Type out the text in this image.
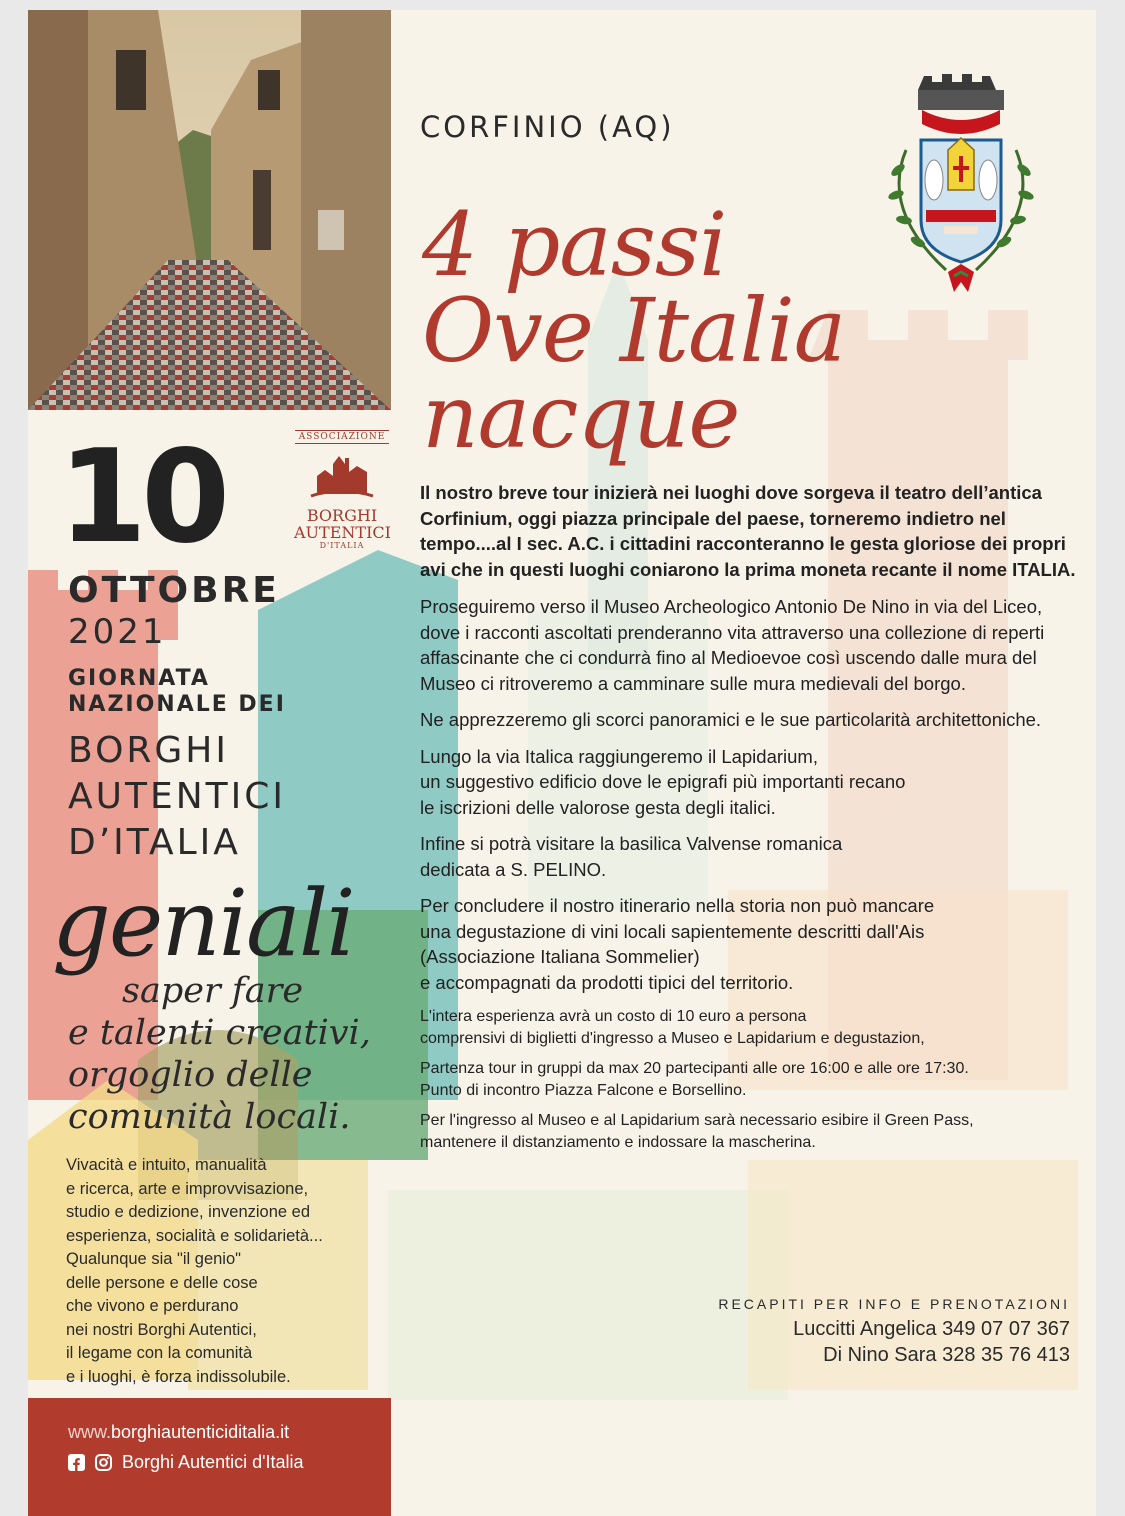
10	ASSOCIAZIONE
BORGHI
AUTENTICI
D'ITALIA
OTTOBRE
2021
GIORNATA
NAZIONALE DEI
BORGHI
AUTENTICI
D’ITALIA
geniali
saper fare
e talenti creativi,
orgoglio delle
comunità locali.
Vivacità e intuito, manualità
e ricerca, arte e improvvisazione,
studio e dedizione, invenzione ed
esperienza, socialità e solidarietà...
Qualunque sia "il genio"
delle persone e delle cose
che vivono e perdurano
nei nostri Borghi Autentici,
il legame con la comunità
e i luoghi, è forza indissolubile.
www.borghiautenticiditalia.it
Borghi Autentici d'Italia
CORFINIO (AQ)
4 passi
Ove Italia
nacque

Il nostro breve tour inizierà nei luoghi dove sorgeva il teatro dell’antica Corfinium, oggi piazza principale del paese, torneremo indietro nel tempo....al I sec. A.C. i cittadini racconteranno le gesta gloriose dei propri avi che in questi luoghi coniarono la prima moneta recante il nome ITALIA.

Proseguiremo verso il Museo Archeologico Antonio De Nino in via del Liceo, dove i racconti ascoltati prenderanno vita attraverso una collezione di reperti affascinante che ci condurrà fino al Medioevoe così uscendo dalle mura del Museo ci ritroveremo a camminare sulle mura medievali del borgo.

Ne apprezzeremo gli scorci panoramici e le sue particolarità architettoniche.

Lungo la via Italica raggiungeremo il Lapidarium,
un suggestivo edificio dove le epigrafi più importanti recano
le iscrizioni delle valorose gesta degli italici.

Infine si potrà visitare la basilica Valvense romanica
dedicata a S. PELINO.

Per concludere il nostro itinerario nella storia non può mancare
una degustazione di vini locali sapientemente descritti dall'Ais
(Associazione Italiana Sommelier)
e accompagnati da prodotti tipici del territorio.

L'intera esperienza avrà un costo di 10 euro a persona
comprensivi di biglietti d'ingresso a Museo e Lapidarium e degustazion,

Partenza tour in gruppi da max 20 partecipanti alle ore 16:00 e alle ore 17:30.
Punto di incontro Piazza Falcone e Borsellino.

Per l'ingresso al Museo e al Lapidarium sarà necessario esibire il Green Pass,
mantenere il distanziamento e indossare la mascherina.

RECAPITI PER INFO E PRENOTAZIONI
Luccitti Angelica 349 07 07 367
Di Nino Sara 328 35 76 413
